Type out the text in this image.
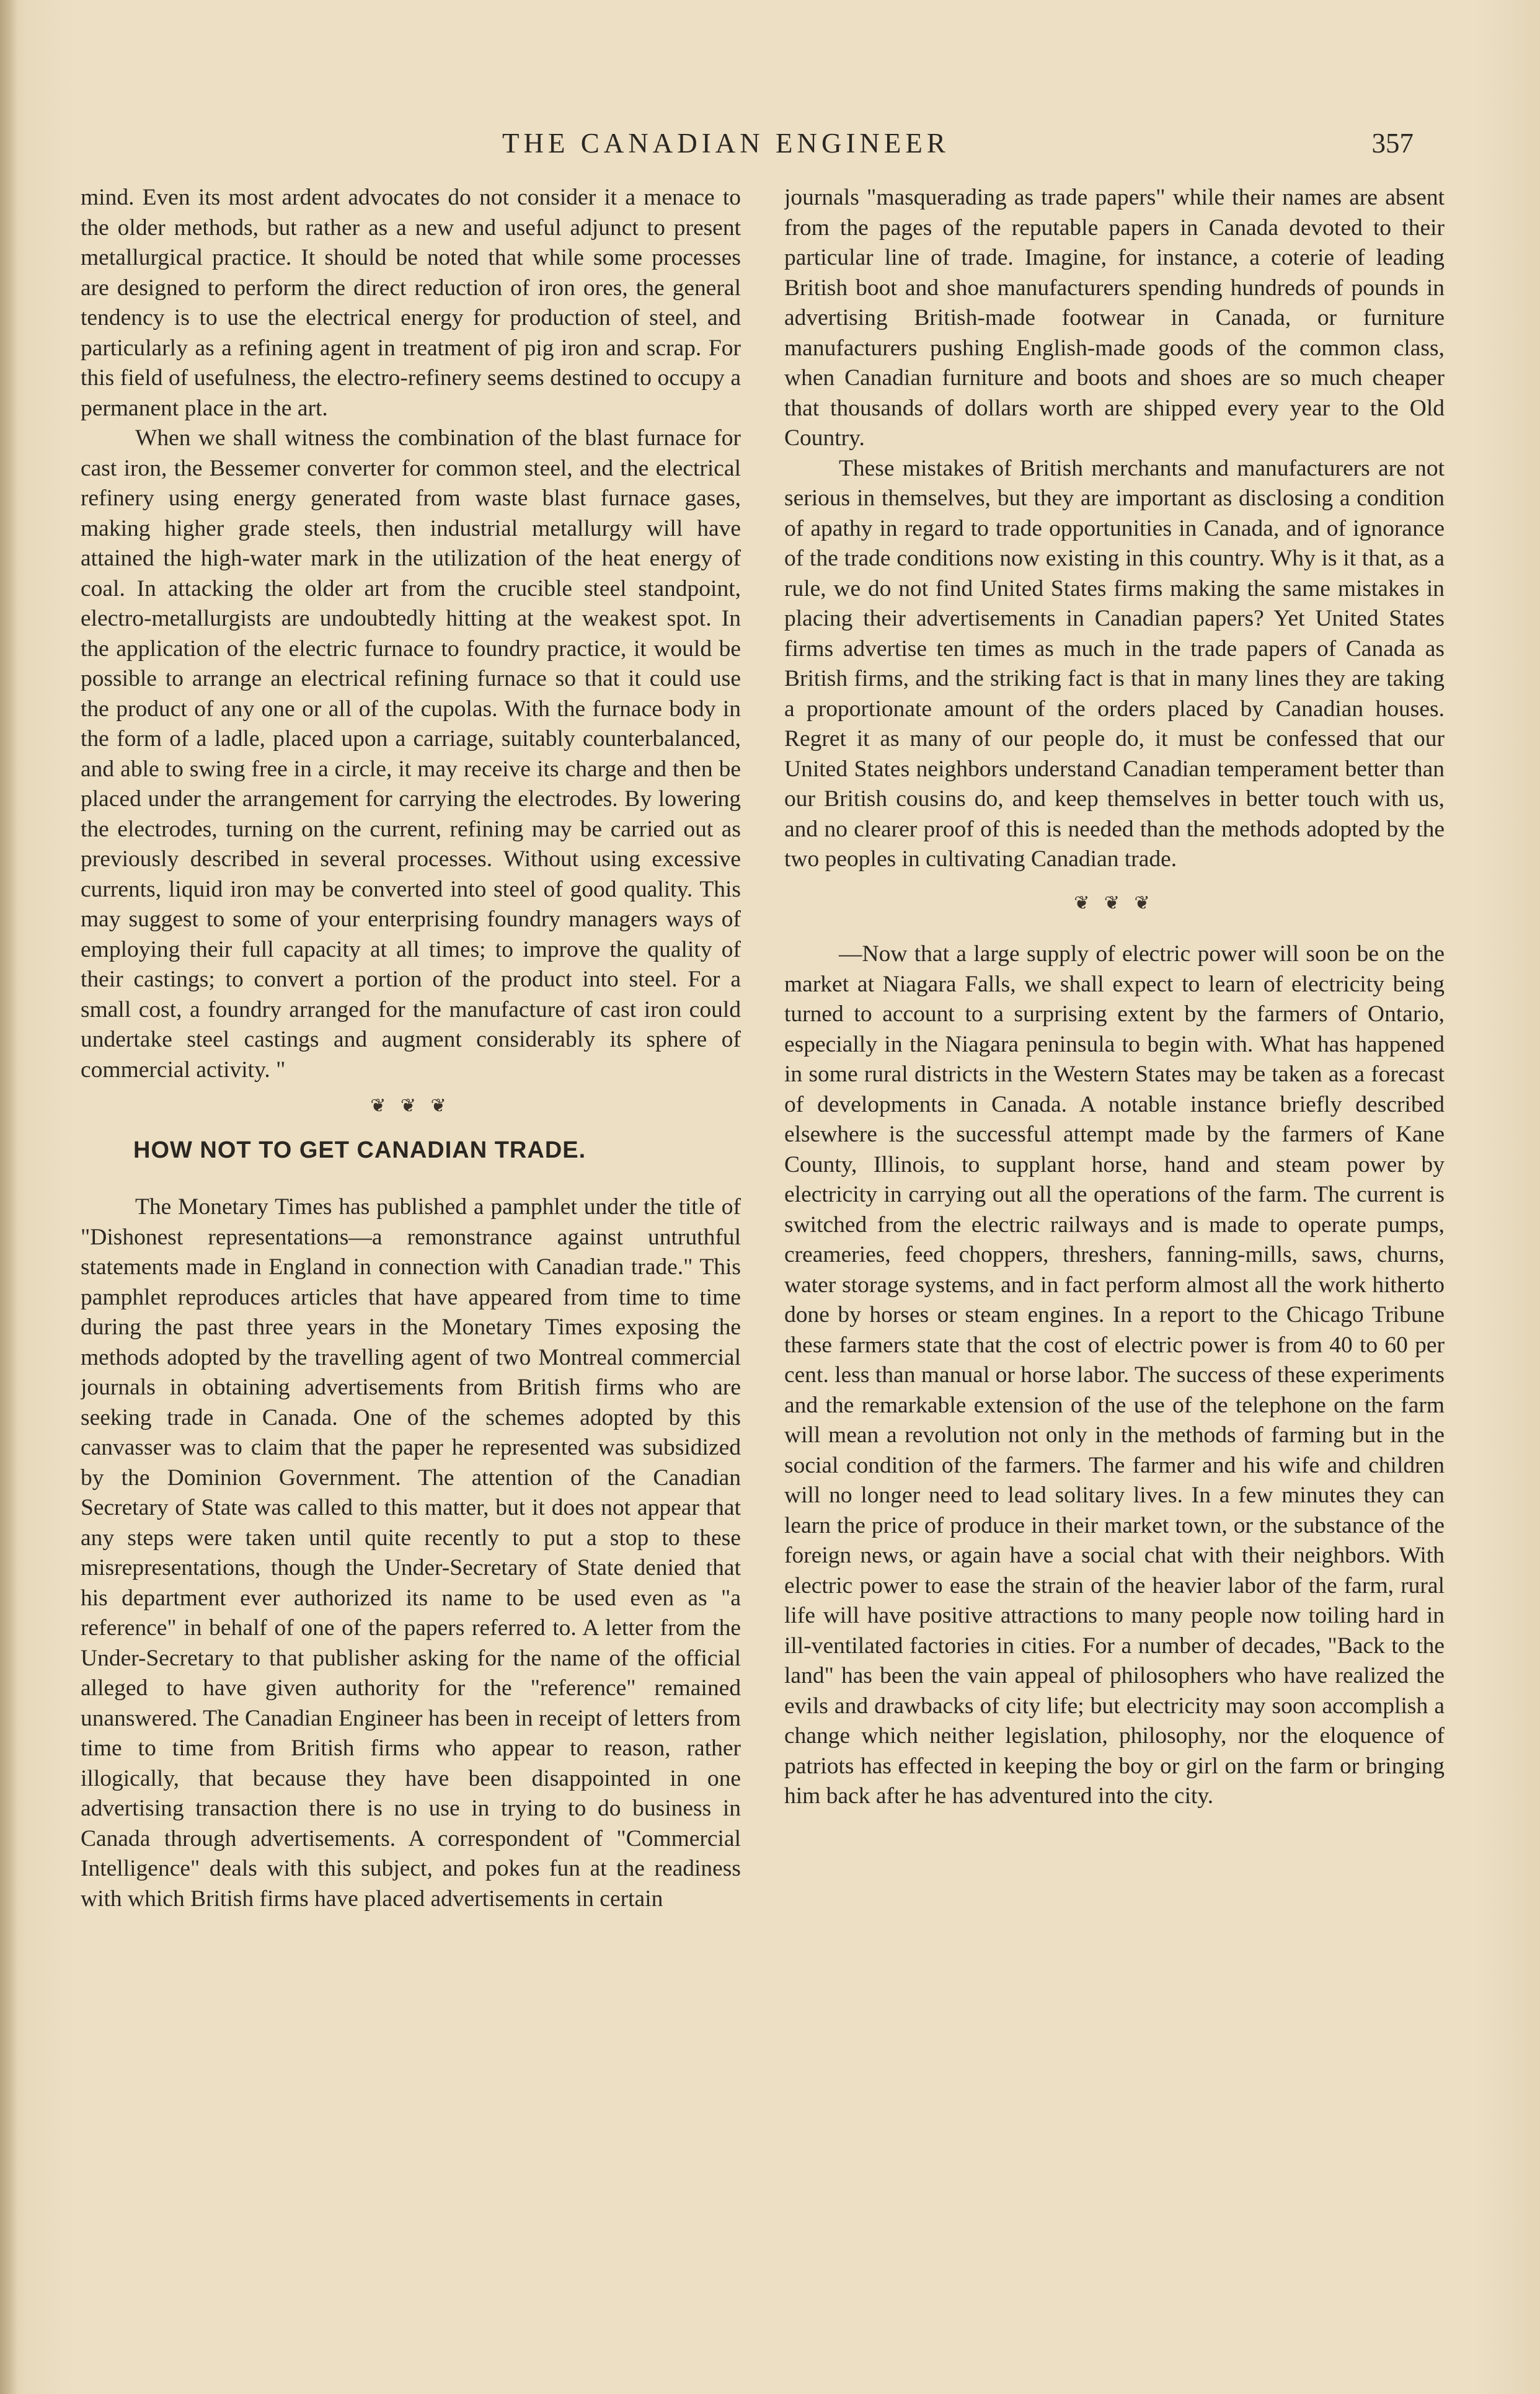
THE CANADIAN ENGINEER	357

mind. Even its most ardent advocates do not consider it a menace to the older methods, but rather as a new and useful adjunct to present metallurgical practice. It should be noted that while some processes are designed to perform the direct reduction of iron ores, the general tendency is to use the electrical energy for production of steel, and particularly as a refining agent in treatment of pig iron and scrap. For this field of usefulness, the electro-refinery seems destined to occupy a permanent place in the art.

When we shall witness the combination of the blast furnace for cast iron, the Bessemer converter for common steel, and the electrical refinery using energy generated from waste blast furnace gases, making higher grade steels, then industrial metallurgy will have attained the high-water mark in the utilization of the heat energy of coal. In attacking the older art from the crucible steel standpoint, electro-metallurgists are undoubtedly hitting at the weakest spot. In the application of the electric furnace to foundry practice, it would be possible to arrange an electrical refining furnace so that it could use the product of any one or all of the cupolas. With the furnace body in the form of a ladle, placed upon a carriage, suitably counterbalanced, and able to swing free in a circle, it may receive its charge and then be placed under the arrangement for carrying the electrodes. By lowering the electrodes, turning on the current, refining may be carried out as previously described in several processes. Without using excessive currents, liquid iron may be converted into steel of good quality. This may suggest to some of your enterprising foundry managers ways of employing their full capacity at all times; to improve the quality of their castings; to convert a portion of the product into steel. For a small cost, a foundry arranged for the manufacture of cast iron could undertake steel castings and augment considerably its sphere of commercial activity. "

❦ ❦ ❦
HOW NOT TO GET CANADIAN TRADE.

The Monetary Times has published a pamphlet under the title of "Dishonest representations—a remonstrance against untruthful statements made in England in connection with Canadian trade." This pamphlet reproduces articles that have appeared from time to time during the past three years in the Monetary Times exposing the methods adopted by the travelling agent of two Montreal commercial journals in obtaining advertisements from British firms who are seeking trade in Canada. One of the schemes adopted by this canvasser was to claim that the paper he represented was subsidized by the Dominion Government. The attention of the Canadian Secretary of State was called to this matter, but it does not appear that any steps were taken until quite recently to put a stop to these misrepresentations, though the Under-Secretary of State denied that his department ever authorized its name to be used even as "a reference" in behalf of one of the papers referred to. A letter from the Under-Secretary to that publisher asking for the name of the official alleged to have given authority for the "reference" remained unanswered. The Canadian Engineer has been in receipt of letters from time to time from British firms who appear to reason, rather illogically, that because they have been disappointed in one advertising transaction there is no use in trying to do business in Canada through advertisements. A correspondent of "Commercial Intelligence" deals with this subject, and pokes fun at the readiness with which British firms have placed advertisements in certain

journals "masquerading as trade papers" while their names are absent from the pages of the reputable papers in Canada devoted to their particular line of trade. Imagine, for instance, a coterie of leading British boot and shoe manufacturers spending hundreds of pounds in advertising British-made footwear in Canada, or furniture manufacturers pushing English-made goods of the common class, when Canadian furniture and boots and shoes are so much cheaper that thousands of dollars worth are shipped every year to the Old Country.

These mistakes of British merchants and manufacturers are not serious in themselves, but they are important as disclosing a condition of apathy in regard to trade opportunities in Canada, and of ignorance of the trade conditions now existing in this country. Why is it that, as a rule, we do not find United States firms making the same mistakes in placing their advertisements in Canadian papers? Yet United States firms advertise ten times as much in the trade papers of Canada as British firms, and the striking fact is that in many lines they are taking a proportionate amount of the orders placed by Canadian houses. Regret it as many of our people do, it must be confessed that our United States neighbors understand Canadian temperament better than our British cousins do, and keep themselves in better touch with us, and no clearer proof of this is needed than the methods adopted by the two peoples in cultivating Canadian trade.

❦ ❦ ❦

—Now that a large supply of electric power will soon be on the market at Niagara Falls, we shall expect to learn of electricity being turned to account to a surprising extent by the farmers of Ontario, especially in the Niagara peninsula to begin with. What has happened in some rural districts in the Western States may be taken as a forecast of developments in Canada. A notable instance briefly described elsewhere is the successful attempt made by the farmers of Kane County, Illinois, to supplant horse, hand and steam power by electricity in carrying out all the operations of the farm. The current is switched from the electric railways and is made to operate pumps, creameries, feed choppers, threshers, fanning-mills, saws, churns, water storage systems, and in fact perform almost all the work hitherto done by horses or steam engines. In a report to the Chicago Tribune these farmers state that the cost of electric power is from 40 to 60 per cent. less than manual or horse labor. The success of these experiments and the remarkable extension of the use of the telephone on the farm will mean a revolution not only in the methods of farming but in the social condition of the farmers. The farmer and his wife and children will no longer need to lead solitary lives. In a few minutes they can learn the price of produce in their market town, or the substance of the foreign news, or again have a social chat with their neighbors. With electric power to ease the strain of the heavier labor of the farm, rural life will have positive attractions to many people now toiling hard in ill-ventilated factories in cities. For a number of decades, "Back to the land" has been the vain appeal of philosophers who have realized the evils and drawbacks of city life; but electricity may soon accomplish a change which neither legislation, philosophy, nor the eloquence of patriots has effected in keeping the boy or girl on the farm or bringing him back after he has adventured into the city.
